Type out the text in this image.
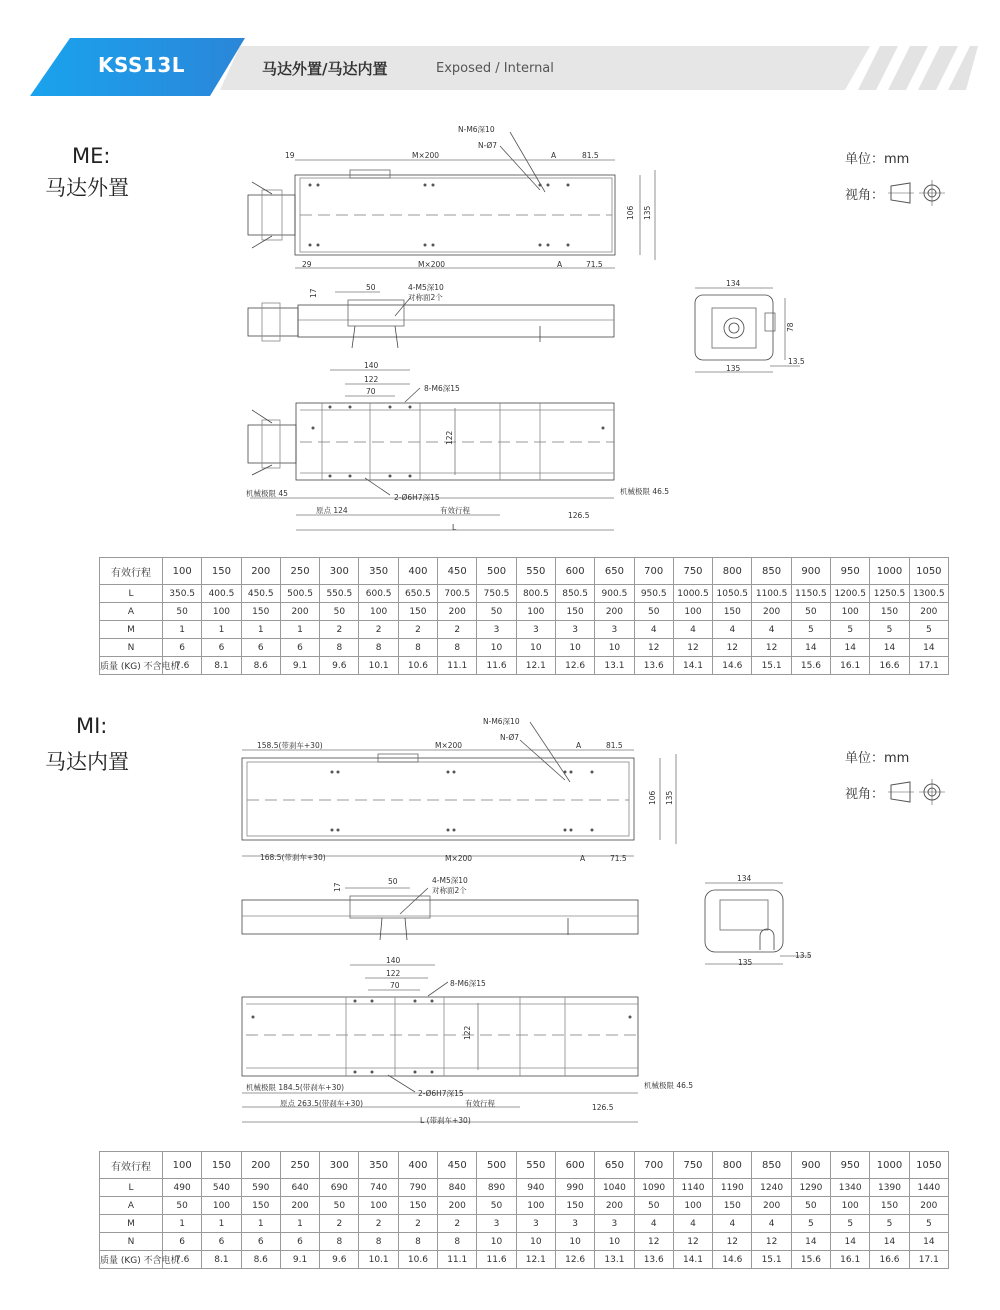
KSS13L	马达外置/马达内置	Exposed / Internal
ME:
马达外置
单位：mm
视角：
N-M6深10
N-Ø7
19	M×200	A	81.5
106 135
29	M×200	A	71.5
17
50	4-M5深10
对称面2个
134
78
135
13.5
140
122
70	8-M6深15
122
机械极限 45	机械极限 46.5
2-Ø6H7深15
原点 124	有效行程
126.5
L
有效行程	100	150	200	250	300	350	400	450	500	550	600	650	700	750	800	850	900	950	1000	1050
L	350.5	400.5	450.5	500.5	550.5	600.5	650.5	700.5	750.5	800.5	850.5	900.5	950.5	1000.5	1050.5	1100.5	1150.5	1200.5	1250.5	1300.5
A	50	100	150	200	50	100	150	200	50	100	150	200	50	100	150	200	50	100	150	200
M	1	1	1	1	2	2	2	2	3	3	3	3	4	4	4	4	5	5	5	5
N	6	6	6	6	8	8	8	8	10	10	10	10	12	12	12	12	14	14	14	14
质量 (KG) 不含电机	7.6	8.1	8.6	9.1	9.6	10.1	10.6	11.1	11.6	12.1	12.6	13.1	13.6	14.1	14.6	15.1	15.6	16.1	16.6	17.1
MI:
马达内置	单位：mm
视角：
N-M6深10
N-Ø7
158.5(带刹车+30)	M×200	A	81.5
106 135
168.5(带刹车+30)	M×200	A	71.5
17
50	4-M5深10
对称面2个
134
135
13.5
140
122
70	8-M6深15
122
机械极限 184.5(带刹车+30)	机械极限 46.5
2-Ø6H7深15
原点 263.5(带刹车+30)	有效行程	126.5
L (带刹车+30)
有效行程	100	150	200	250	300	350	400	450	500	550	600	650	700	750	800	850	900	950	1000	1050
L	490	540	590	640	690	740	790	840	890	940	990	1040	1090	1140	1190	1240	1290	1340	1390	1440
A	50	100	150	200	50	100	150	200	50	100	150	200	50	100	150	200	50	100	150	200
M	1	1	1	1	2	2	2	2	3	3	3	3	4	4	4	4	5	5	5	5
N	6	6	6	6	8	8	8	8	10	10	10	10	12	12	12	12	14	14	14	14
质量 (KG) 不含电机	7.6	8.1	8.6	9.1	9.6	10.1	10.6	11.1	11.6	12.1	12.6	13.1	13.6	14.1	14.6	15.1	15.6	16.1	16.6	17.1
